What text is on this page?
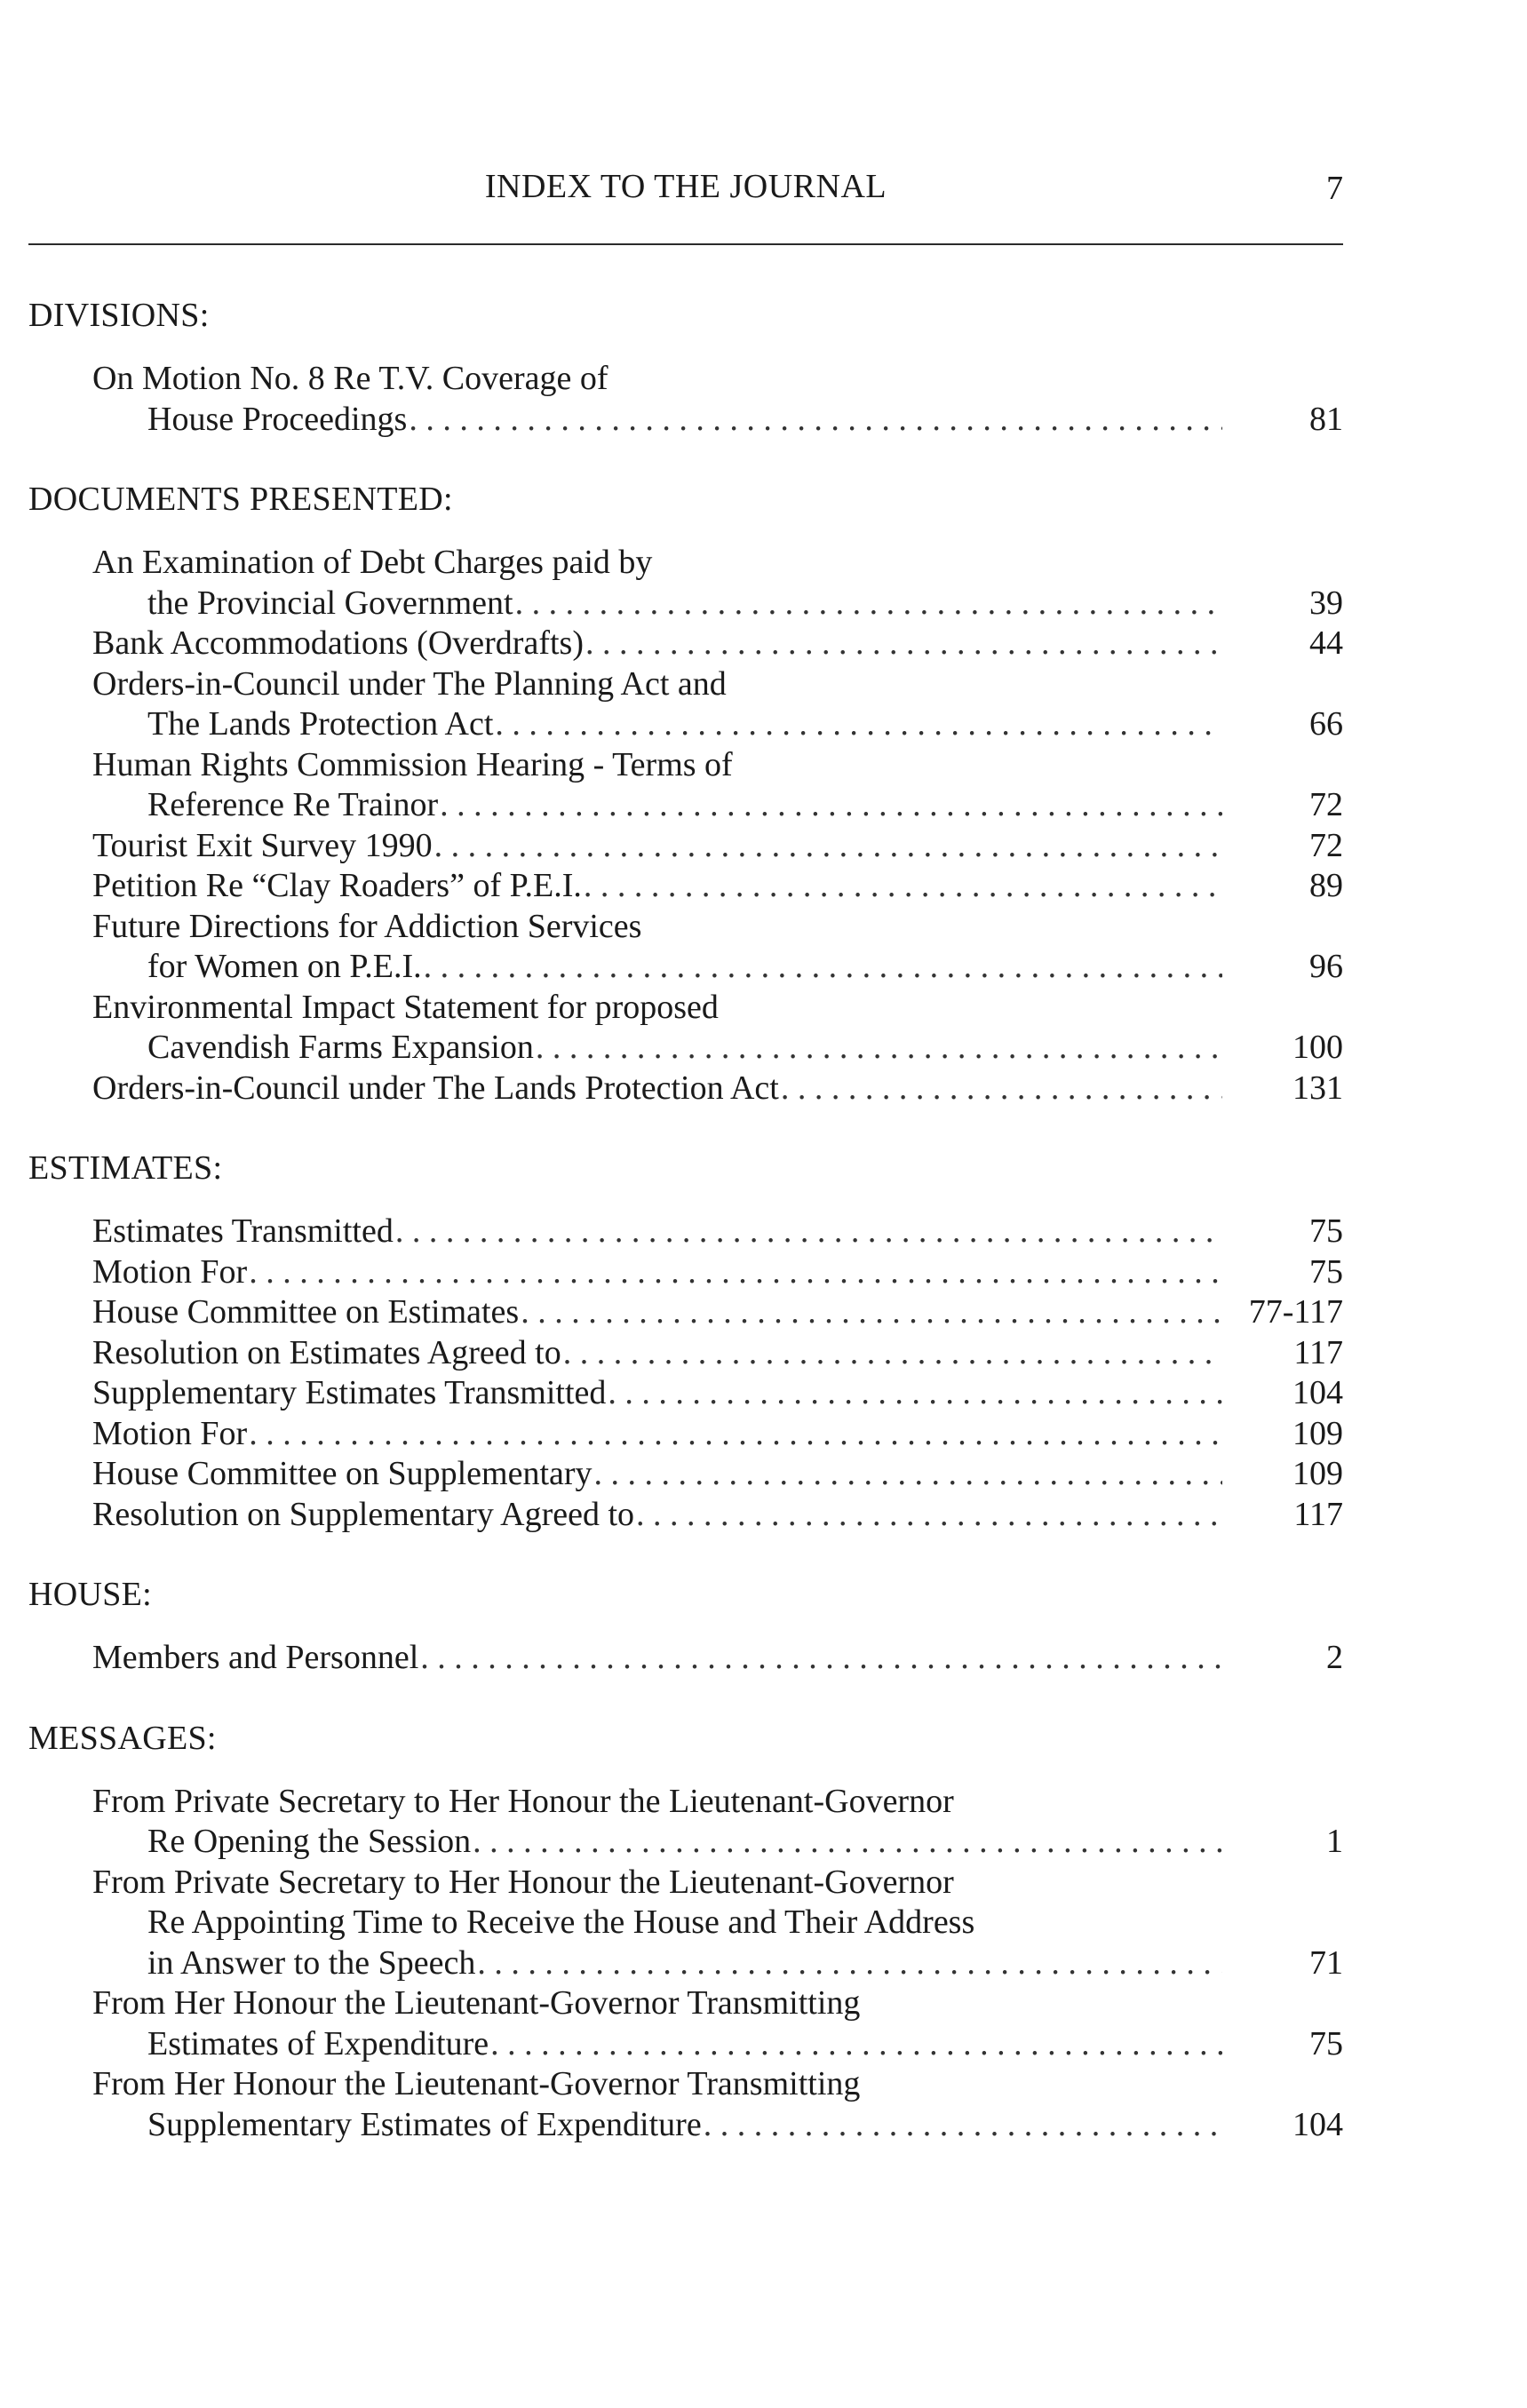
INDEX TO THE JOURNAL	7
DIVISIONS:
On Motion No. 8 Re T.V. Coverage of
House Proceedings . . .	81
DOCUMENTS PRESENTED:
An Examination of Debt Charges paid by
the Provincial Government . . .	39
Bank Accommodations (Overdrafts) . . .	44
Orders-in-Council under The Planning Act and
The Lands Protection Act . . .	66
Human Rights Commission Hearing - Terms of
Reference Re Trainor . . .	72
Tourist Exit Survey 1990 . . .	72
Petition Re “Clay Roaders” of P.E.I. . . .	89
Future Directions for Addiction Services
for Women on P.E.I. . . .	96
Environmental Impact Statement for proposed
Cavendish Farms Expansion . . .	100
Orders-in-Council under The Lands Protection Act . . .	131
ESTIMATES:
Estimates Transmitted . . .	75
Motion For . . .	75
House Committee on Estimates . . .	77-117
Resolution on Estimates Agreed to . . .	117
Supplementary Estimates Transmitted . . .	104
Motion For . . .	109
House Committee on Supplementary . . .	109
Resolution on Supplementary Agreed to . . .	117
HOUSE:
Members and Personnel . . .	2
MESSAGES:
From Private Secretary to Her Honour the Lieutenant-Governor
Re Opening the Session . . .	1
From Private Secretary to Her Honour the Lieutenant-Governor
Re Appointing Time to Receive the House and Their Address
in Answer to the Speech . . .	71
From Her Honour the Lieutenant-Governor Transmitting
Estimates of Expenditure . . .	75
From Her Honour the Lieutenant-Governor Transmitting
Supplementary Estimates of Expenditure . . .	104
